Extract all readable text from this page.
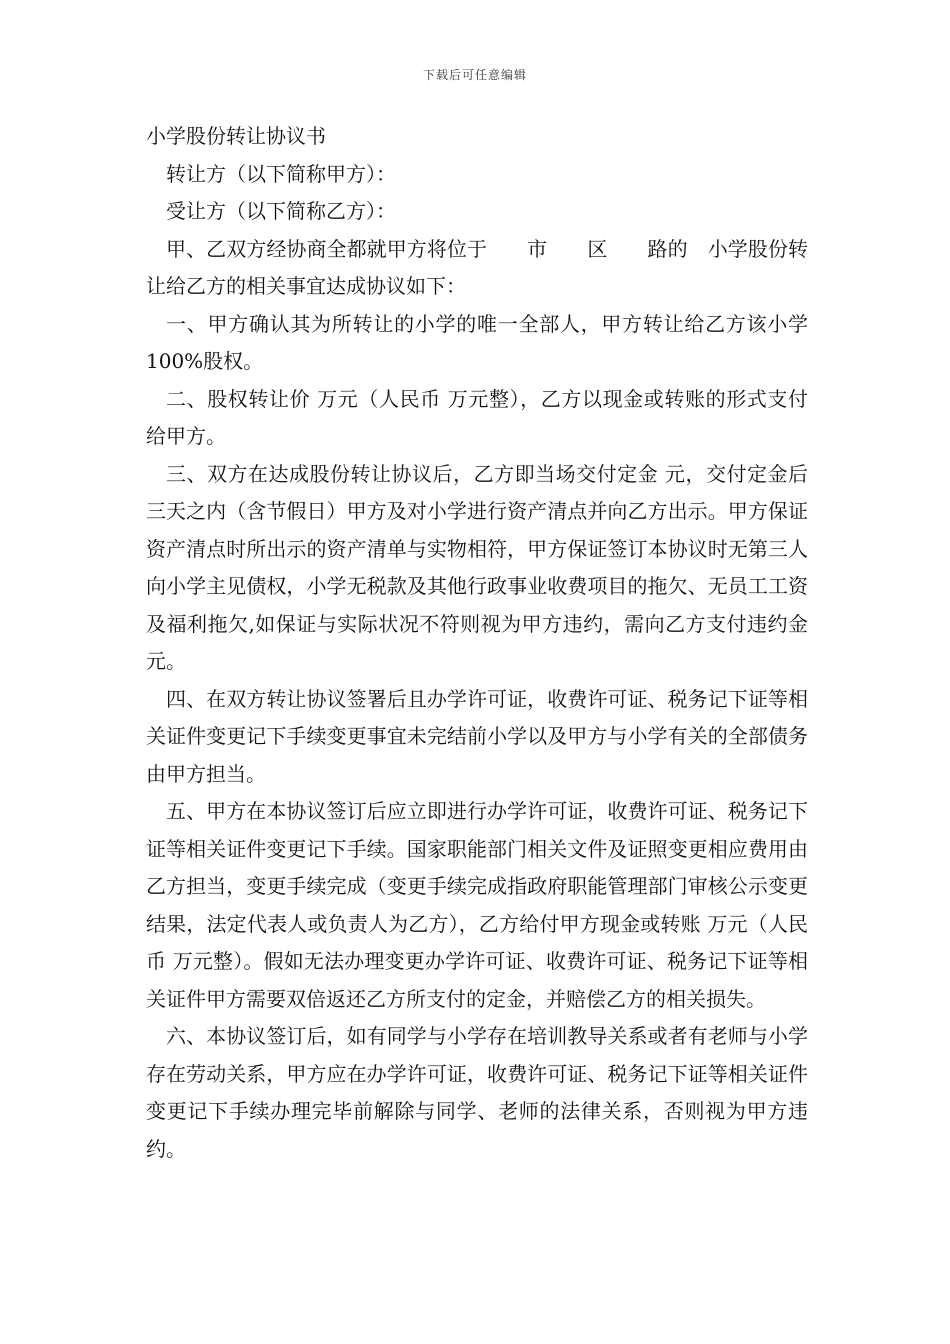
下载后可任意编辑

小学股份转让协议书

转让方（以下简称甲方）：

受让方（以下简称乙方）：

甲、乙双方经协商全都就甲方将位于　　市　　区　　路的　小学股份转让给乙方的相关事宜达成协议如下：

一、甲方确认其为所转让的小学的唯一全部人，甲方转让给乙方该小学 100%股权。

二、股权转让价 万元（人民币 万元整），乙方以现金或转账的形式支付给甲方。

三、双方在达成股份转让协议后，乙方即当场交付定金 元，交付定金后三天之内（含节假日）甲方及对小学进行资产清点并向乙方出示。甲方保证资产清点时所出示的资产清单与实物相符，甲方保证签订本协议时无第三人向小学主见债权，小学无税款及其他行政事业收费项目的拖欠、无员工工资及福利拖欠,如保证与实际状况不符则视为甲方违约，需向乙方支付违约金 元。

四、在双方转让协议签署后且办学许可证，收费许可证、税务记下证等相关证件变更记下手续变更事宜未完结前小学以及甲方与小学有关的全部债务由甲方担当。

五、甲方在本协议签订后应立即进行办学许可证，收费许可证、税务记下证等相关证件变更记下手续。国家职能部门相关文件及证照变更相应费用由乙方担当，变更手续完成（变更手续完成指政府职能管理部门审核公示变更结果，法定代表人或负责人为乙方），乙方给付甲方现金或转账 万元（人民币 万元整）。假如无法办理变更办学许可证、收费许可证、税务记下证等相关证件甲方需要双倍返还乙方所支付的定金，并赔偿乙方的相关损失。

六、本协议签订后，如有同学与小学存在培训教导关系或者有老师与小学存在劳动关系，甲方应在办学许可证，收费许可证、税务记下证等相关证件变更记下手续办理完毕前解除与同学、老师的法律关系，否则视为甲方违约。
